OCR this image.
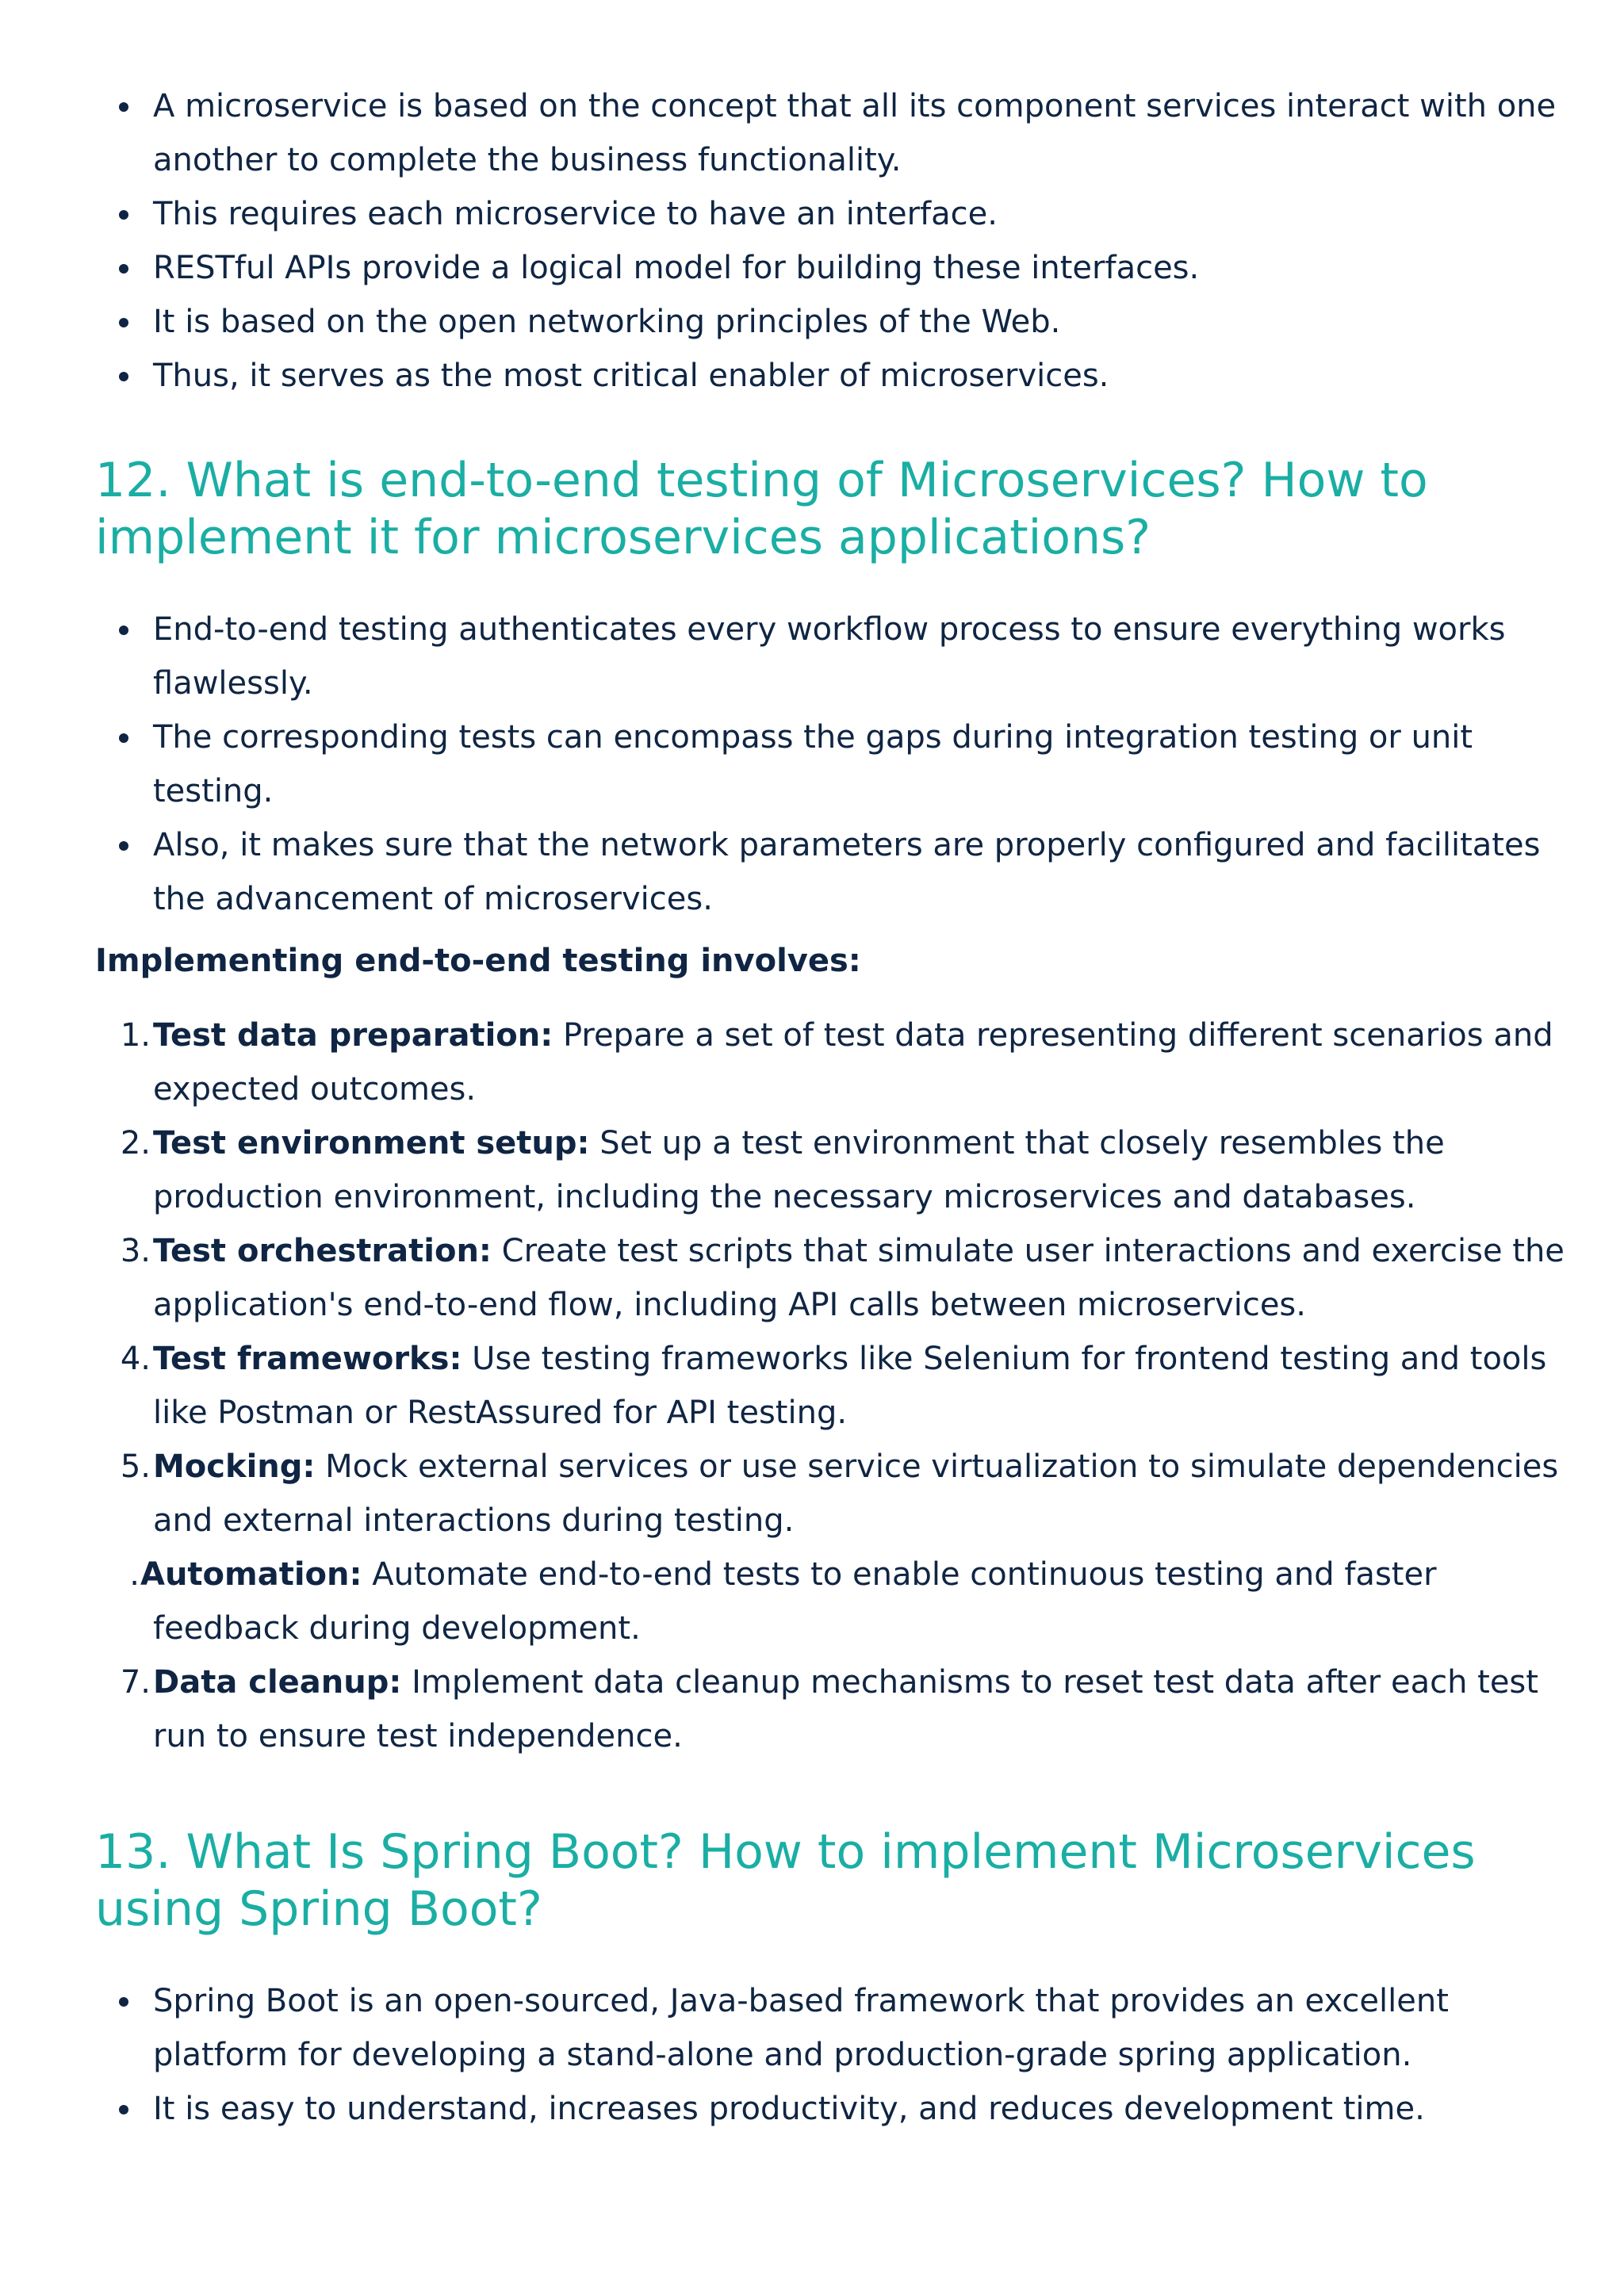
A microservice is based on the concept that all its component services interact with one another to complete the business functionality.
This requires each microservice to have an interface.
RESTful APIs provide a logical model for building these interfaces.
It is based on the open networking principles of the Web.
Thus, it serves as the most critical enabler of microservices.
12. What is end-to-end testing of Microservices? How to implement it for microservices applications?
End-to-end testing authenticates every workflow process to ensure everything works flawlessly.
The corresponding tests can encompass the gaps during integration testing or unit testing.
Also, it makes sure that the network parameters are properly configured and facilitates the advancement of microservices.

Implementing end-to-end testing involves:

1. Test data preparation: Prepare a set of test data representing different scenarios and expected outcomes.
2. Test environment setup: Set up a test environment that closely resembles the production environment, including the necessary microservices and databases.
3. Test orchestration: Create test scripts that simulate user interactions and exercise the application's end-to-end flow, including API calls between microservices.
4. Test frameworks: Use testing frameworks like Selenium for frontend testing and tools like Postman or RestAssured for API testing.
5. Mocking: Mock external services or use service virtualization to simulate dependencies and external interactions during testing.
. Automation: Automate end-to-end tests to enable continuous testing and faster feedback during development.
7. Data cleanup: Implement data cleanup mechanisms to reset test data after each test run to ensure test independence.
13. What Is Spring Boot? How to implement Microservices using Spring Boot?
Spring Boot is an open-sourced, Java-based framework that provides an excellent platform for developing a stand-alone and production-grade spring application.
It is easy to understand, increases productivity, and reduces development time.
